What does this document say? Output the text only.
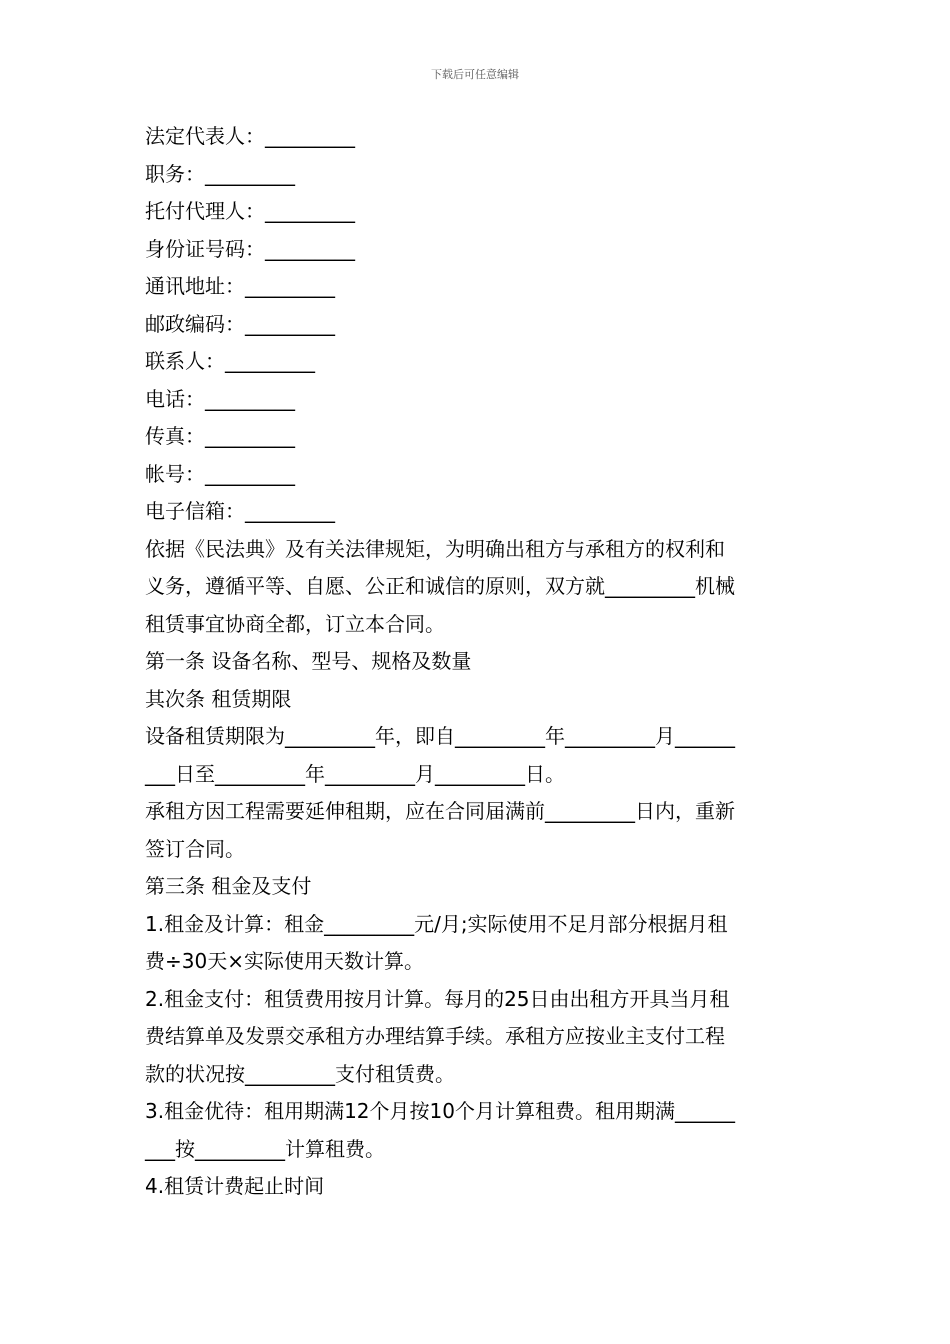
下载后可任意编辑
法定代表人：_________
职务：_________
托付代理人：_________
身份证号码：_________
通讯地址：_________
邮政编码：_________
联系人：_________
电话：_________
传真：_________
帐号：_________
电子信箱：_________
依据《民法典》及有关法律规矩，为明确出租方与承租方的权利和
义务，遵循平等、自愿、公正和诚信的原则，双方就_________机械
租赁事宜协商全都，订立本合同。
第一条 设备名称、型号、规格及数量
其次条 租赁期限
设备租赁期限为_________年，即自_________年_________月______
___日至_________年_________月_________日。
承租方因工程需要延伸租期，应在合同届满前_________日内，重新
签订合同。
第三条 租金及支付
1.租金及计算：租金_________元/月;实际使用不足月部分根据月租
费÷30天×实际使用天数计算。
2.租金支付：租赁费用按月计算。每月的25日由出租方开具当月租
费结算单及发票交承租方办理结算手续。承租方应按业主支付工程
款的状况按_________支付租赁费。
3.租金优待：租用期满12个月按10个月计算租费。租用期满______
___按_________计算租费。
4.租赁计费起止时间
